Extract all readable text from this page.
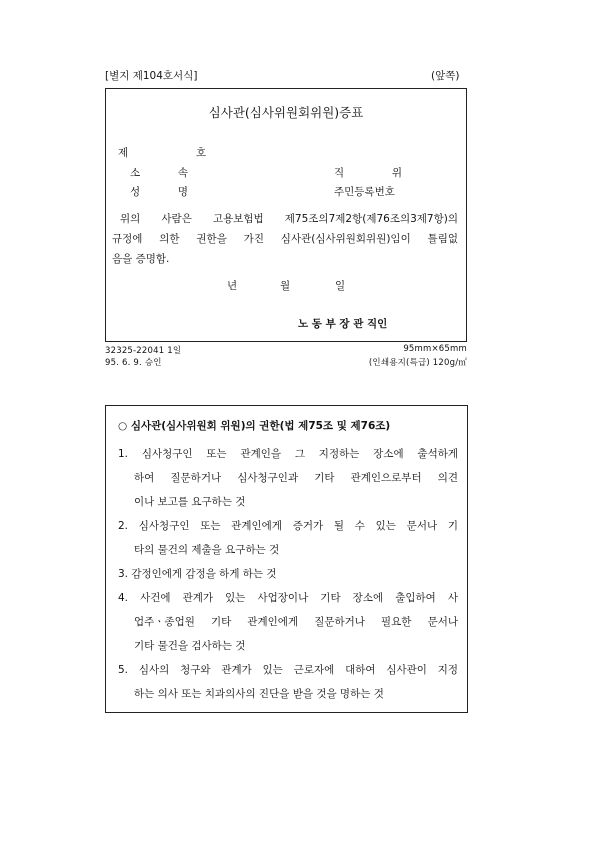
[별지 제104호서식]	(앞쪽)
심사관(심사위원회위원)증표
제	호
소 속	직 위
성 명	주민등록번호
위의 사람은 고용보험법 제75조의7제2항(제76조의3제7항)의
규정에 의한 권한을 가진 심사관(심사위원회위원)임이 틀림없
음을 증명함.
년	월	일
노 동 부 장 관 직인
32325-22041 1일
95. 6. 9. 승인
95mm×65mm
(인쇄용지(특급) 120g/㎡
○ 심사관(심사위원회 위원)의 권한(법 제75조 및 제76조)
1. 심사청구인 또는 관계인을 그 지정하는 장소에 출석하게
하여 질문하거나 심사청구인과 기타 관계인으로부터 의견
이나 보고를 요구하는 것
2. 심사청구인 또는 관계인에게 증거가 될 수 있는 문서나 기
타의 물건의 제출을 요구하는 것
3. 감정인에게 감정을 하게 하는 것
4. 사건에 관계가 있는 사업장이나 기타 장소에 출입하여 사
업주ㆍ종업원 기타 관계인에게 질문하거나 필요한 문서나
기타 물건을 검사하는 것
5. 심사의 청구와 관계가 있는 근로자에 대하여 심사관이 지정
하는 의사 또는 치과의사의 진단을 받을 것을 명하는 것
